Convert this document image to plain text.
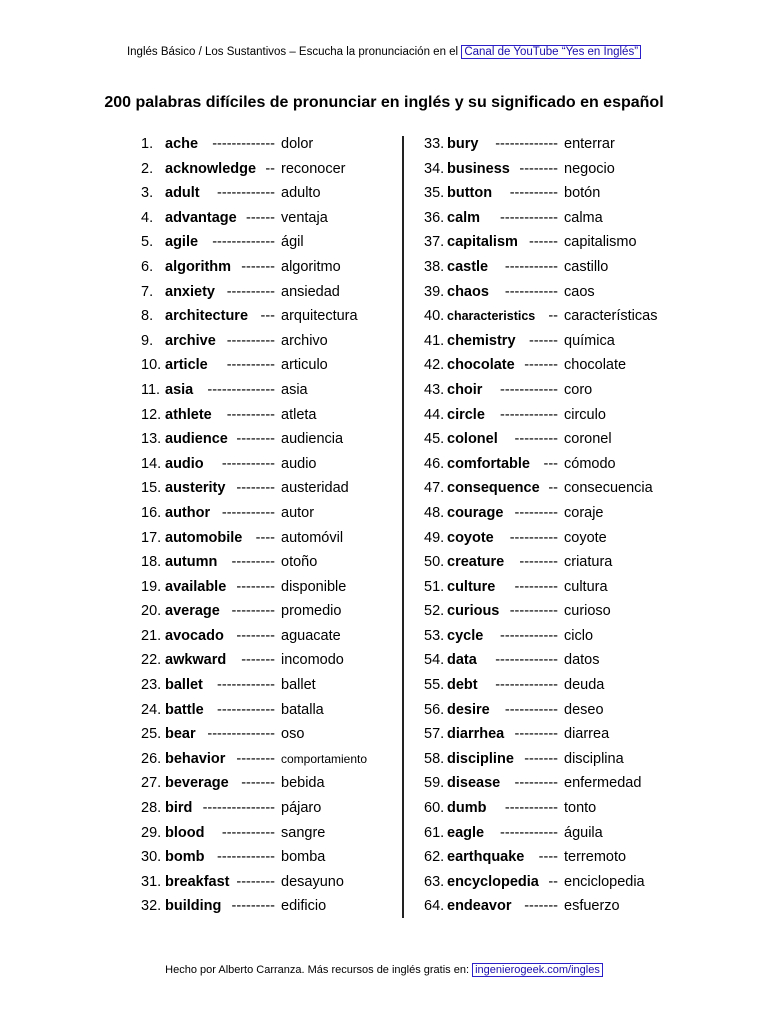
Inglés Básico / Los Sustantivos – Escucha la pronunciación en el Canal de YouTube “Yes en Inglés”
200 palabras difíciles de pronunciar en inglés y su significado en español
1. ache ------------- dolor
2. acknowledge -- reconocer
3. adult ------------ adulto
4. advantage ------ ventaja
5. agile ------------- ágil
6. algorithm ------- algoritmo
7. anxiety ---------- ansiedad
8. architecture --- arquitectura
9. archive ---------- archivo
10. article ---------- articulo
11. asia -------------- asia
12. athlete ---------- atleta
13. audience -------- audiencia
14. audio ----------- audio
15. austerity -------- austeridad
16. author ----------- autor
17. automobile ---- automóvil
18. autumn --------- otoño
19. available -------- disponible
20. average --------- promedio
21. avocado -------- aguacate
22. awkward ------- incomodo
23. ballet ------------ ballet
24. battle ------------ batalla
25. bear -------------- oso
26. behavior -------- comportamiento
27. beverage ------- bebida
28. bird --------------- pájaro
29. blood ----------- sangre
30. bomb ------------ bomba
31. breakfast -------- desayuno
32. building --------- edificio
33. bury ------------- enterrar
34. business -------- negocio
35. button ---------- botón
36. calm ------------ calma
37. capitalism ------ capitalismo
38. castle ----------- castillo
39. chaos ----------- caos
40. characteristics -- características
41. chemistry ------ química
42. chocolate ------- chocolate
43. choir ------------ coro
44. circle ------------ circulo
45. colonel --------- coronel
46. comfortable --- cómodo
47. consequence -- consecuencia
48. courage --------- coraje
49. coyote ---------- coyote
50. creature -------- criatura
51. culture --------- cultura
52. curious ---------- curioso
53. cycle ------------ ciclo
54. data ------------- datos
55. debt ------------- deuda
56. desire ----------- deseo
57. diarrhea --------- diarrea
58. discipline ------- disciplina
59. disease --------- enfermedad
60. dumb ----------- tonto
61. eagle ------------ águila
62. earthquake ---- terremoto
63. encyclopedia -- enciclopedia
64. endeavor ------- esfuerzo
Hecho por Alberto Carranza. Más recursos de inglés gratis en: ingenierogeek.com/ingles
